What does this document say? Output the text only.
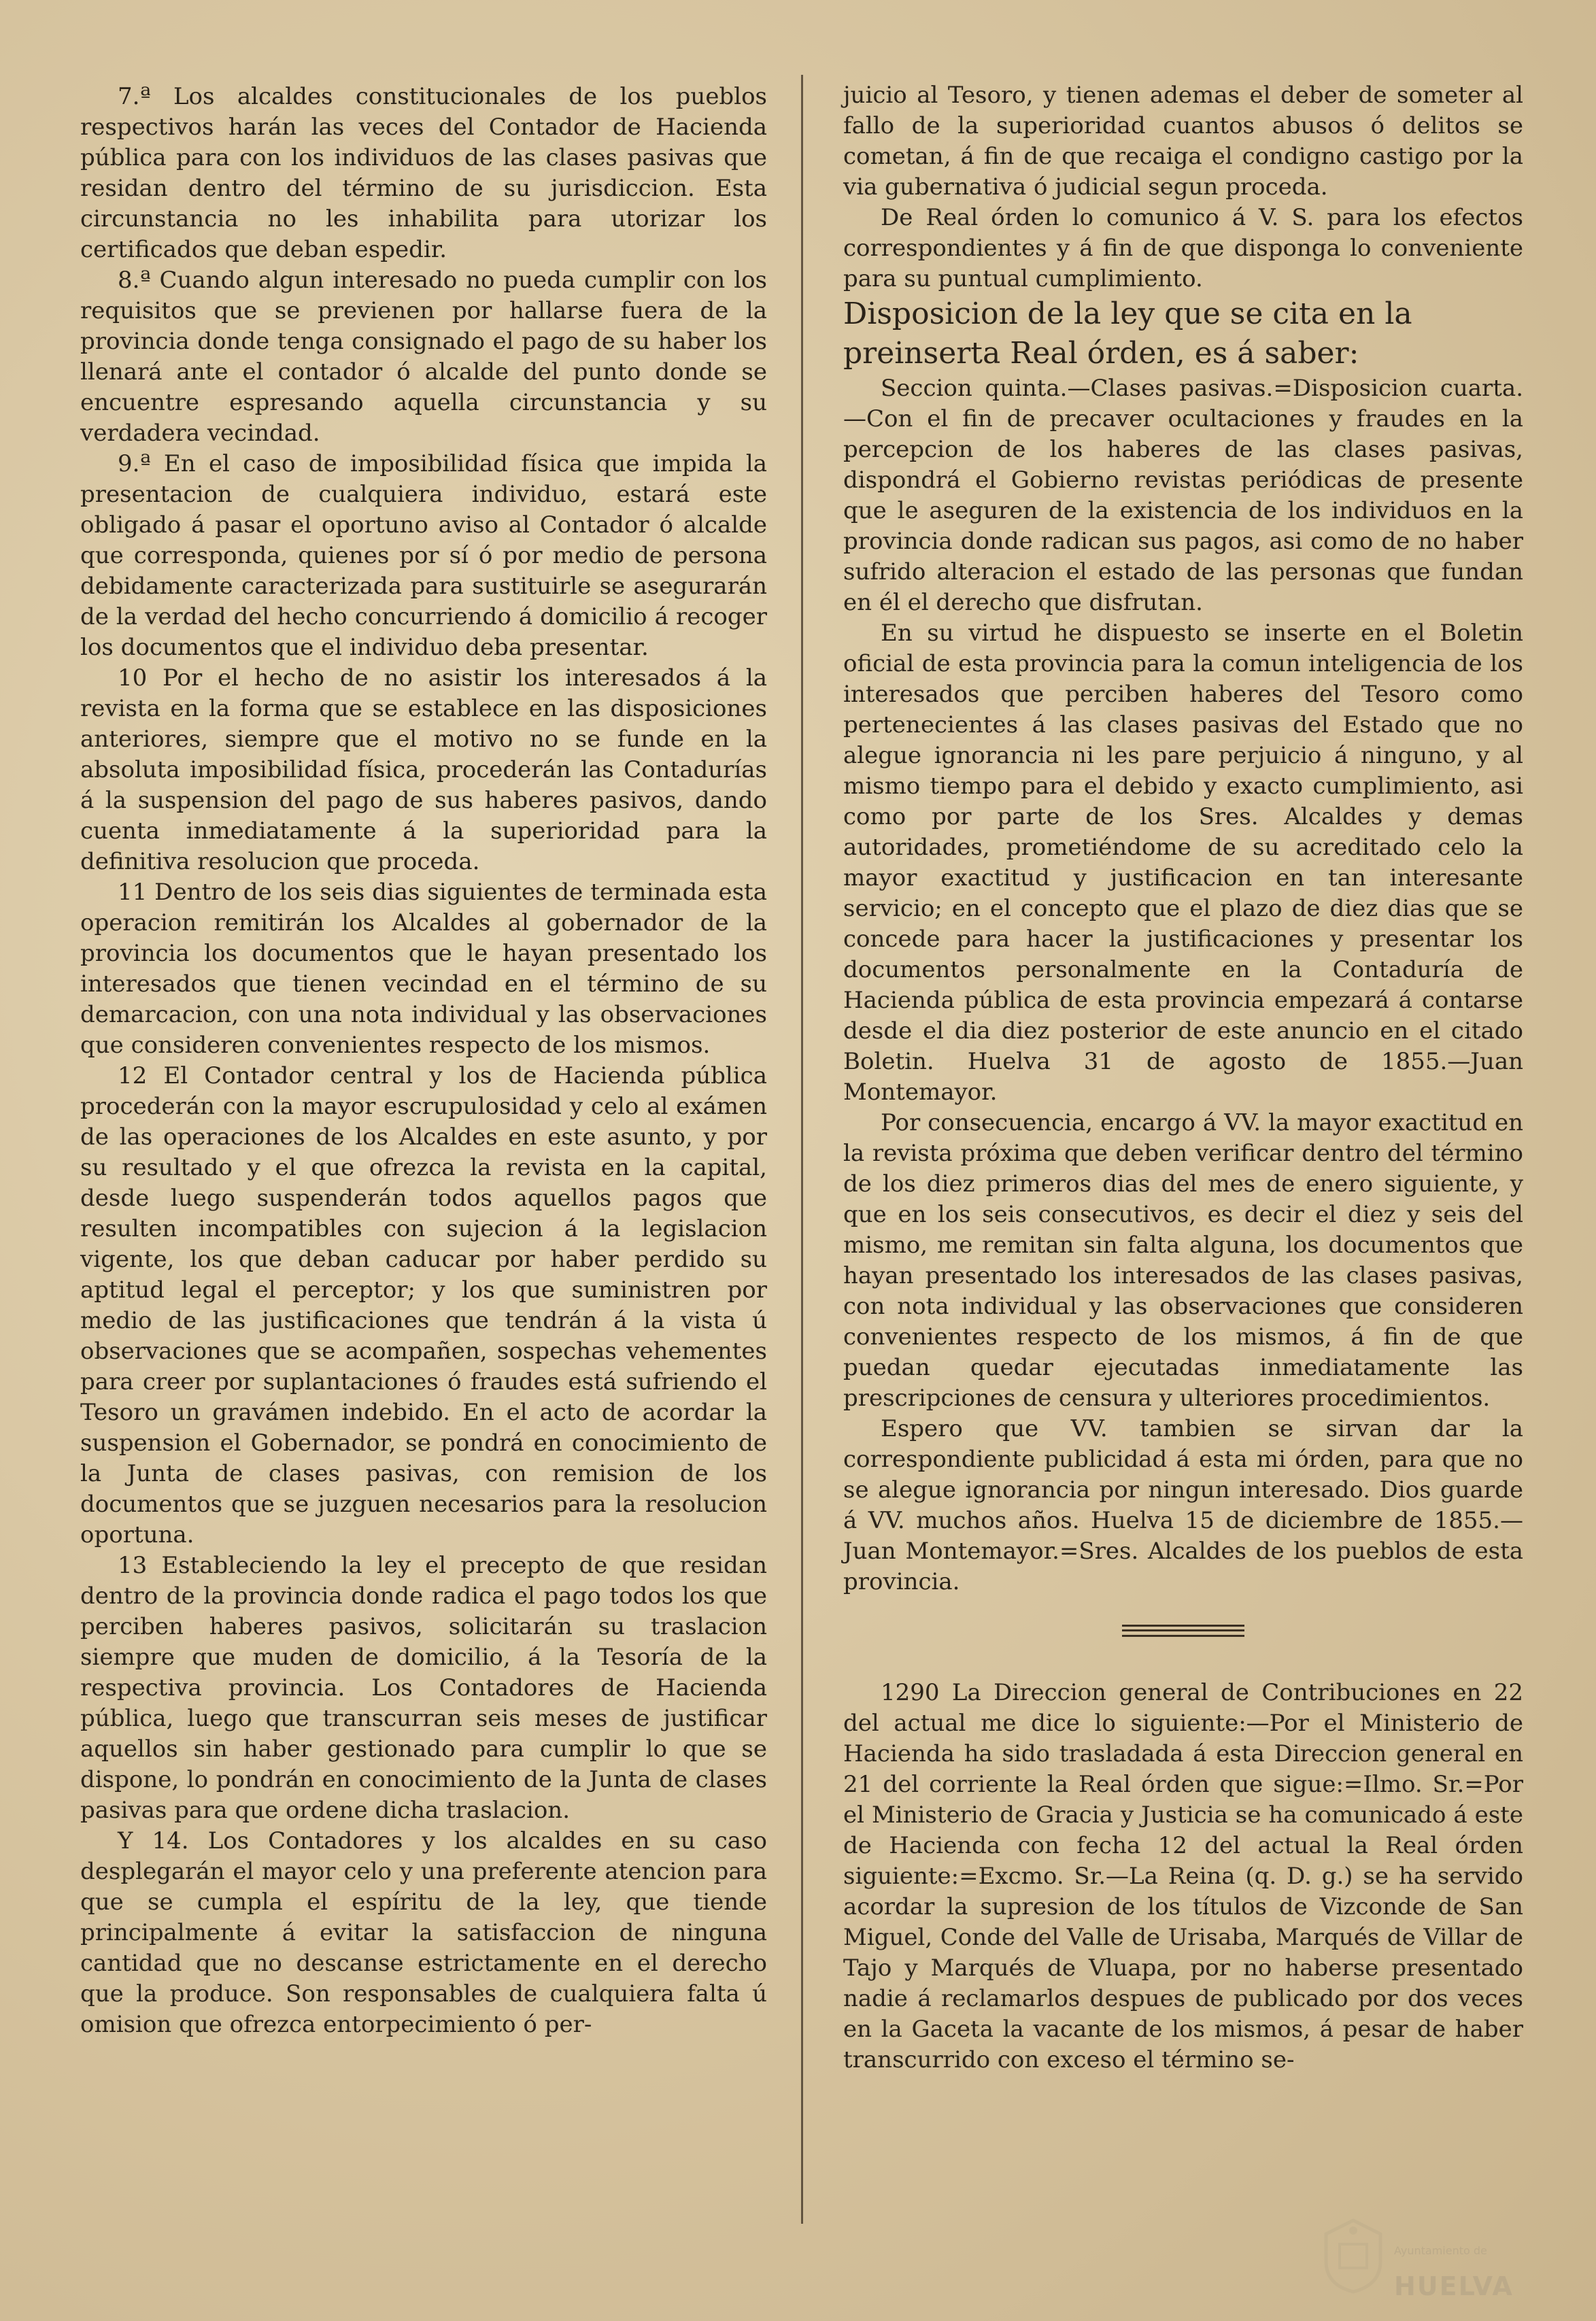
7.ª Los alcaldes constitucionales de los pueblos respectivos harán las veces del Contador de Hacienda pública para con los individuos de las clases pasivas que residan dentro del término de su jurisdiccion. Esta circunstancia no les inhabilita para utorizar los certificados que deban espedir.

8.ª Cuando algun interesado no pueda cumplir con los requisitos que se previenen por hallarse fuera de la provincia donde tenga consignado el pago de su haber los llenará ante el contador ó alcalde del punto donde se encuentre espresando aquella circunstancia y su verdadera vecindad.

9.ª En el caso de imposibilidad física que impida la presentacion de cualquiera individuo, estará este obligado á pasar el oportuno aviso al Contador ó alcalde que corresponda, quienes por sí ó por medio de persona debidamente caracterizada para sustituirle se asegurarán de la verdad del hecho concurriendo á domicilio á recoger los documentos que el individuo deba presentar.

10 Por el hecho de no asistir los interesados á la revista en la forma que se establece en las disposiciones anteriores, siempre que el motivo no se funde en la absoluta imposibilidad física, procederán las Contadurías á la suspension del pago de sus haberes pasivos, dando cuenta inmediatamente á la superioridad para la definitiva resolucion que proceda.

11 Dentro de los seis dias siguientes de terminada esta operacion remitirán los Alcaldes al gobernador de la provincia los documentos que le hayan presentado los interesados que tienen vecindad en el término de su demarcacion, con una nota individual y las observaciones que consideren convenientes respecto de los mismos.

12 El Contador central y los de Hacienda pública procederán con la mayor escrupulosidad y celo al exámen de las operaciones de los Alcaldes en este asunto, y por su resultado y el que ofrezca la revista en la capital, desde luego suspenderán todos aquellos pagos que resulten incompatibles con sujecion á la legislacion vigente, los que deban caducar por haber perdido su aptitud legal el perceptor; y los que suministren por medio de las justificaciones que tendrán á la vista ú observaciones que se acompañen, sospechas vehementes para creer por suplantaciones ó fraudes está sufriendo el Tesoro un gravámen indebido. En el acto de acordar la suspension el Gobernador, se pondrá en conocimiento de la Junta de clases pasivas, con remision de los documentos que se juzguen necesarios para la resolucion oportuna.

13 Estableciendo la ley el precepto de que residan dentro de la provincia donde radica el pago todos los que perciben haberes pasivos, solicitarán su traslacion siempre que muden de domicilio, á la Tesoría de la respectiva provincia. Los Contadores de Hacienda pública, luego que transcurran seis meses de justificar aquellos sin haber gestionado para cumplir lo que se dispone, lo pondrán en conocimiento de la Junta de clases pasivas para que ordene dicha traslacion.

Y 14. Los Contadores y los alcaldes en su caso desplegarán el mayor celo y una preferente atencion para que se cumpla el espíritu de la ley, que tiende principalmente á evitar la satisfaccion de ninguna cantidad que no descanse estrictamente en el derecho que la produce. Son responsables de cualquiera falta ú omision que ofrezca entorpecimiento ó per-

juicio al Tesoro, y tienen ademas el deber de someter al fallo de la superioridad cuantos abusos ó delitos se cometan, á fin de que recaiga el condigno castigo por la via gubernativa ó judicial segun proceda.

De Real órden lo comunico á V. S. para los efectos correspondientes y á fin de que disponga lo conveniente para su puntual cumplimiento.

Disposicion de la ley que se cita en la preinserta Real órden, es á saber:

Seccion quinta.—Clases pasivas.=Disposicion cuarta.—Con el fin de precaver ocultaciones y fraudes en la percepcion de los haberes de las clases pasivas, dispondrá el Gobierno revistas periódicas de presente que le aseguren de la existencia de los individuos en la provincia donde radican sus pagos, asi como de no haber sufrido alteracion el estado de las personas que fundan en él el derecho que disfrutan.

En su virtud he dispuesto se inserte en el Boletin oficial de esta provincia para la comun inteligencia de los interesados que perciben haberes del Tesoro como pertenecientes á las clases pasivas del Estado que no alegue ignorancia ni les pare perjuicio á ninguno, y al mismo tiempo para el debido y exacto cumplimiento, asi como por parte de los Sres. Alcaldes y demas autoridades, prometiéndome de su acreditado celo la mayor exactitud y justificacion en tan interesante servicio; en el concepto que el plazo de diez dias que se concede para hacer la justificaciones y presentar los documentos personalmente en la Contaduría de Hacienda pública de esta provincia empezará á contarse desde el dia diez posterior de este anuncio en el citado Boletin. Huelva 31 de agosto de 1855.—Juan Montemayor.

Por consecuencia, encargo á VV. la mayor exactitud en la revista próxima que deben verificar dentro del término de los diez primeros dias del mes de enero siguiente, y que en los seis consecutivos, es decir el diez y seis del mismo, me remitan sin falta alguna, los documentos que hayan presentado los interesados de las clases pasivas, con nota individual y las observaciones que consideren convenientes respecto de los mismos, á fin de que puedan quedar ejecutadas inmediatamente las prescripciones de censura y ulteriores procedimientos.

Espero que VV. tambien se sirvan dar la correspondiente publicidad á esta mi órden, para que no se alegue ignorancia por ningun interesado. Dios guarde á VV. muchos años. Huelva 15 de diciembre de 1855.—Juan Montemayor.=Sres. Alcaldes de los pueblos de esta provincia.

1290 La Direccion general de Contribuciones en 22 del actual me dice lo siguiente:—Por el Ministerio de Hacienda ha sido trasladada á esta Direccion general en 21 del corriente la Real órden que sigue:=Ilmo. Sr.=Por el Ministerio de Gracia y Justicia se ha comunicado á este de Hacienda con fecha 12 del actual la Real órden siguiente:=Excmo. Sr.—La Reina (q. D. g.) se ha servido acordar la supresion de los títulos de Vizconde de San Miguel, Conde del Valle de Urisaba, Marqués de Villar de Tajo y Marqués de Vluapa, por no haberse presentado nadie á reclamarlos despues de publicado por dos veces en la Gaceta la vacante de los mismos, á pesar de haber transcurrido con exceso el término se-

Ayuntamiento de
HUELVA
